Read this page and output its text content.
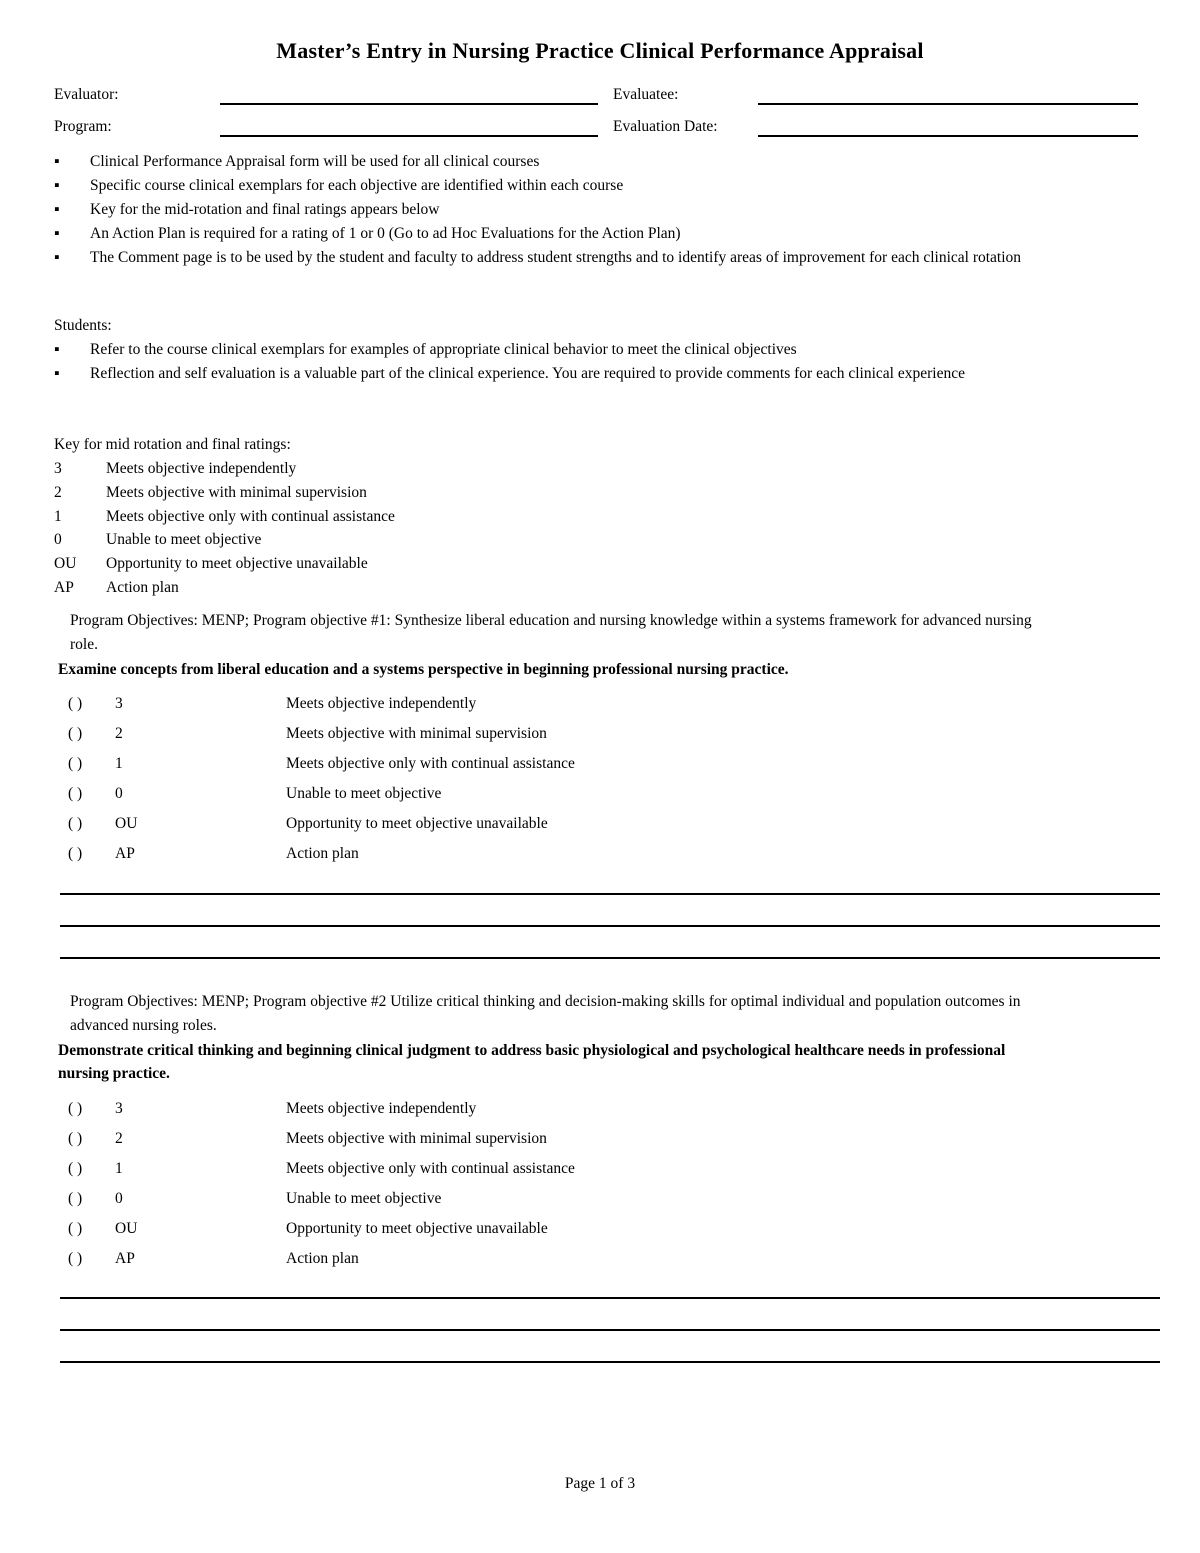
Master’s Entry in Nursing Practice Clinical Performance Appraisal
Evaluator:	Evaluatee:
Program:	Evaluation Date:

▪ Clinical Performance Appraisal form will be used for all clinical courses

▪ Specific course clinical exemplars for each objective are identified within each course

▪ Key for the mid-rotation and final ratings appears below

▪ An Action Plan is required for a rating of 1 or 0 (Go to ad Hoc Evaluations for the Action Plan)

▪ The Comment page is to be used by the student and faculty to address student strengths and to identify areas of improvement for each clinical rotation

Students:

▪ Refer to the course clinical exemplars for examples of appropriate clinical behavior to meet the clinical objectives

▪ Reflection and self evaluation is a valuable part of the clinical experience. You are required to provide comments for each clinical experience

Key for mid rotation and final ratings:

3	Meets objective independently
2	Meets objective with minimal supervision
1	Meets objective only with continual assistance
0	Unable to meet objective
OU Opportunity to meet objective unavailable
AP Action plan
Program Objectives: MENP; Program objective #1: Synthesize liberal education and nursing knowledge within a systems framework for advanced nursing role.
Examine concepts from liberal education and a systems perspective in beginning professional nursing practice.
( ) 3	Meets objective independently
( ) 2	Meets objective with minimal supervision
( ) 1	Meets objective only with continual assistance
( ) 0	Unable to meet objective
( ) OU	Opportunity to meet objective unavailable
( ) AP	Action plan
Program Objectives: MENP; Program objective #2 Utilize critical thinking and decision-making skills for optimal individual and population outcomes in advanced nursing roles.
Demonstrate critical thinking and beginning clinical judgment to address basic physiological and psychological healthcare needs in professional nursing practice.
( ) 3	Meets objective independently
( ) 2	Meets objective with minimal supervision
( ) 1	Meets objective only with continual assistance
( ) 0	Unable to meet objective
( ) OU	Opportunity to meet objective unavailable
( ) AP	Action plan
Page 1 of 3
